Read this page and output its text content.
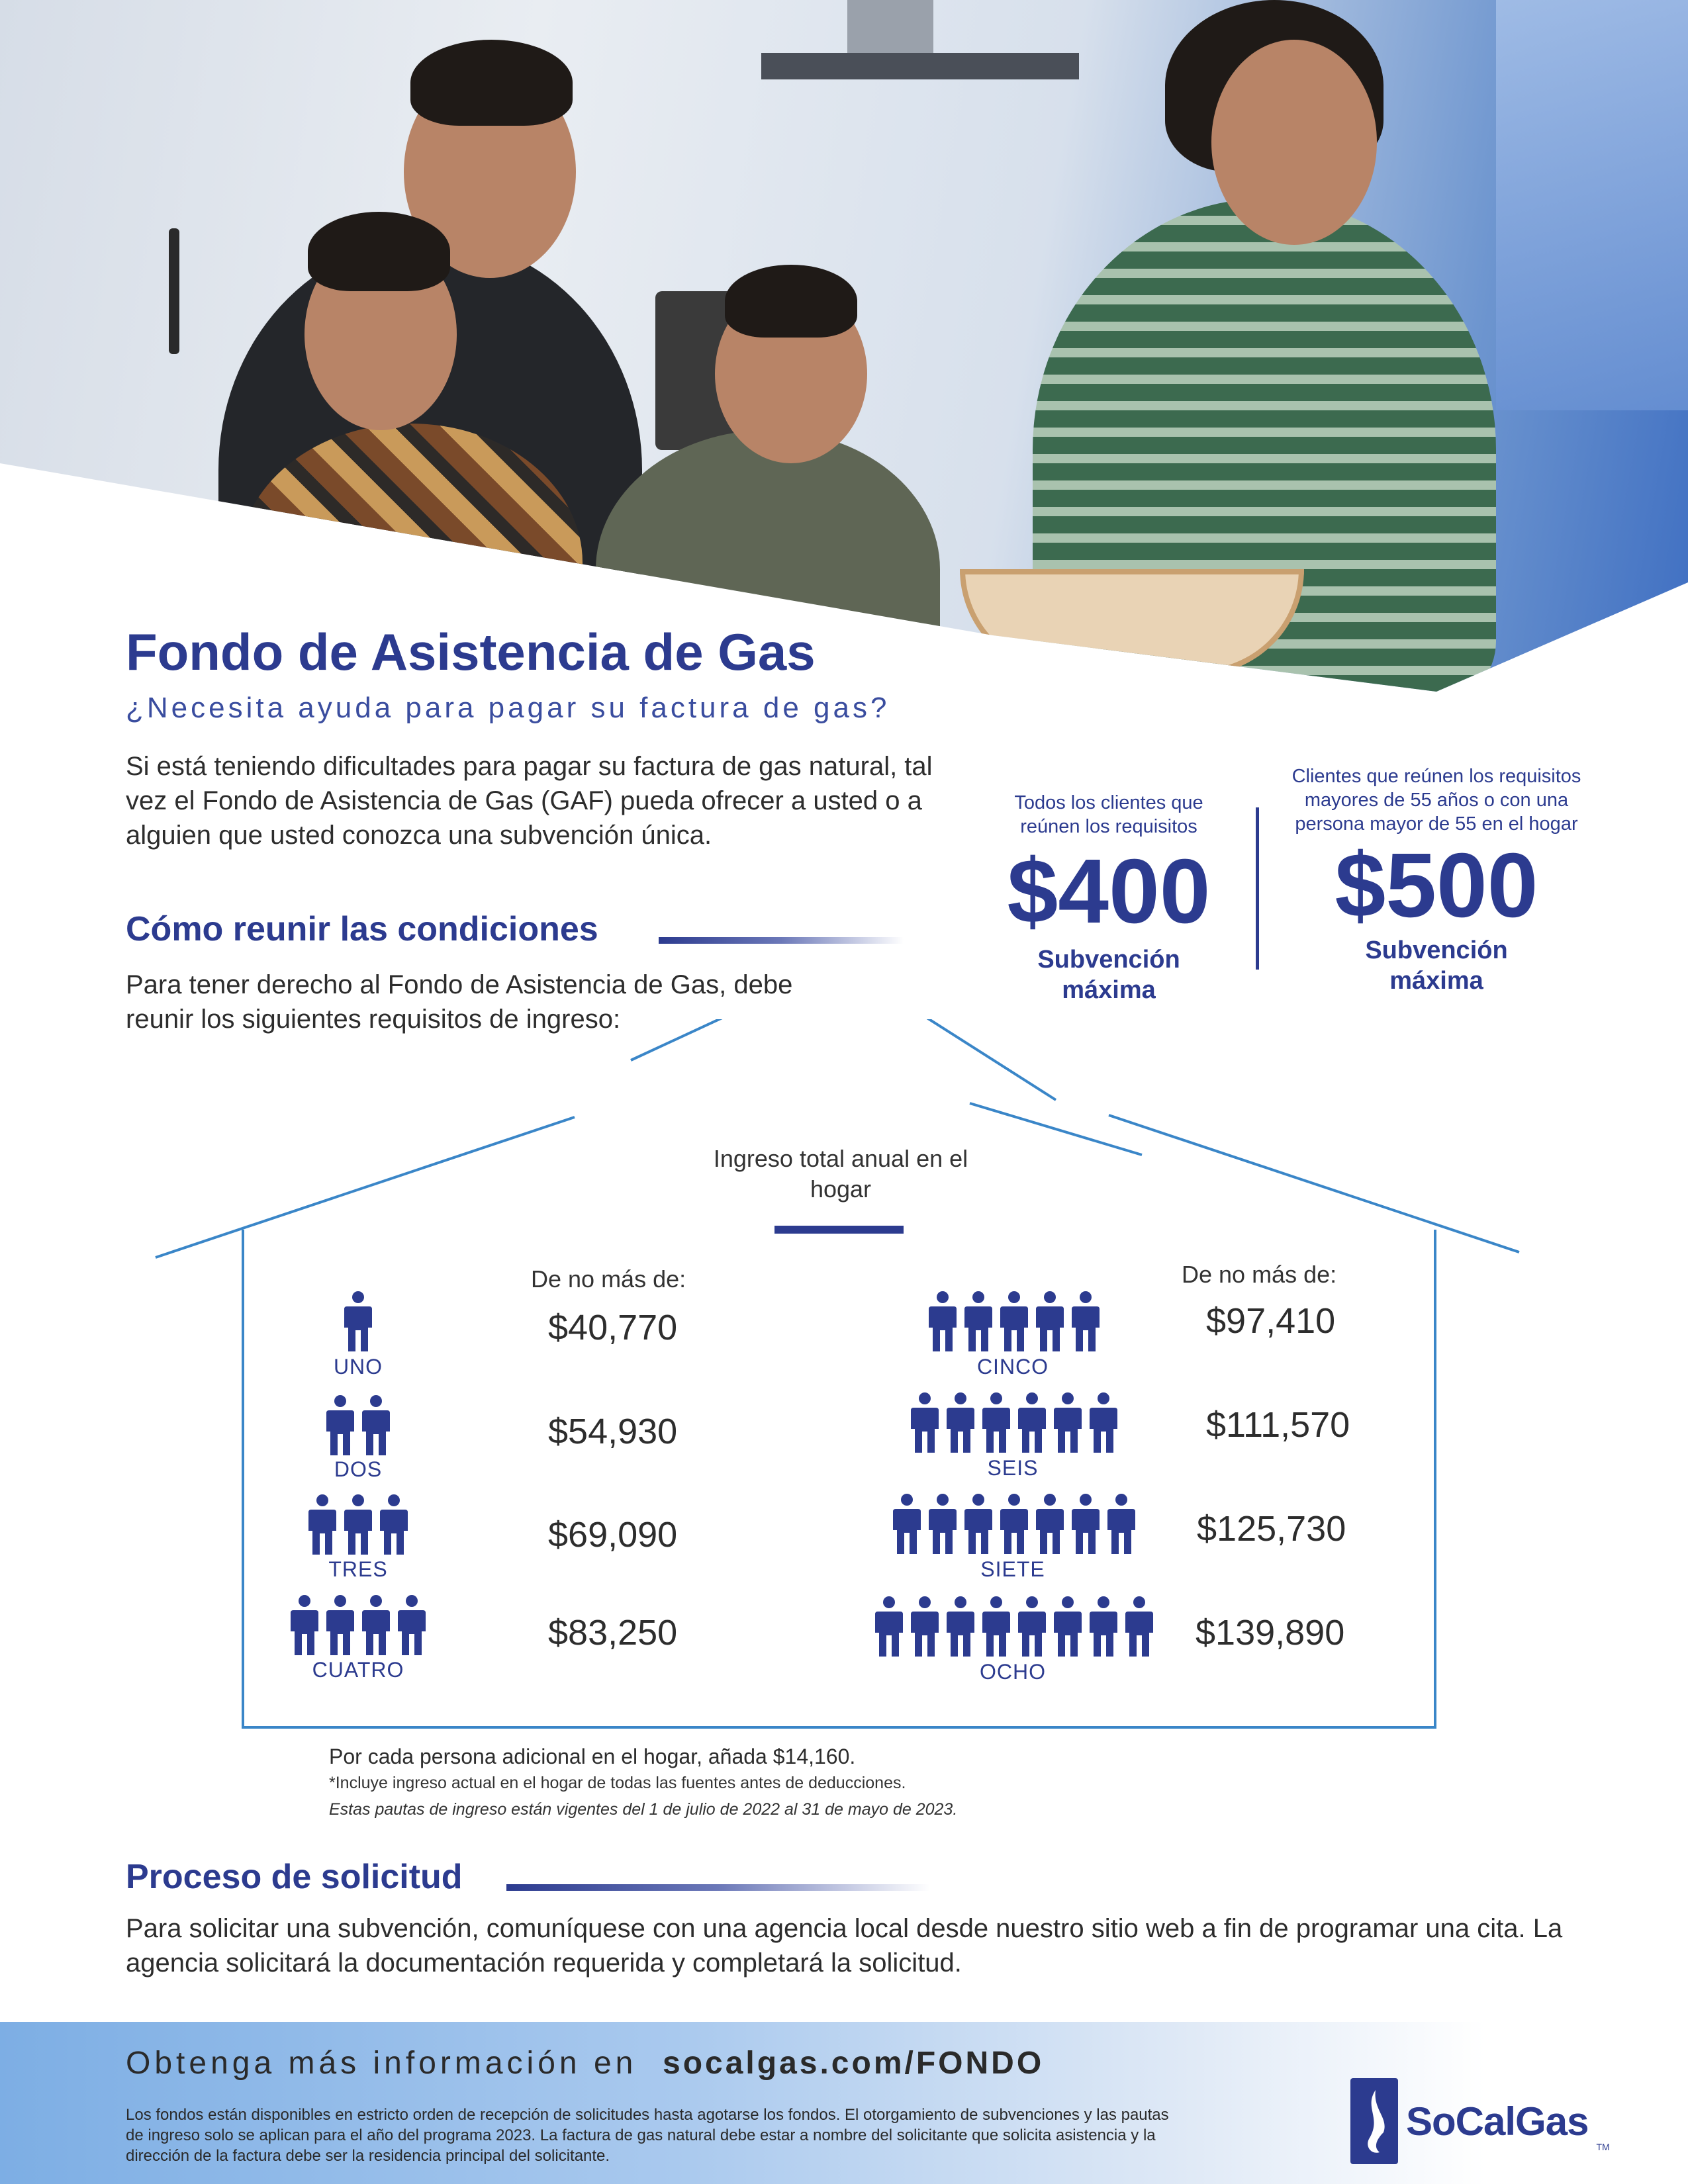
Fondo de Asistencia de Gas
¿Necesita ayuda para pagar su factura de gas?
Si está teniendo dificultades para pagar su factura de gas natural, tal vez el Fondo de Asistencia de Gas (GAF) pueda ofrecer a usted o a alguien que usted conozca una subvención única.
Todos los clientes que reúnen los requisitos
$400
Subvención máxima
Clientes que reúnen los requisitos mayores de 55 años o con una persona mayor de 55 en el hogar
$500
Subvención máxima
Cómo reunir las condiciones
Para tener derecho al Fondo de Asistencia de Gas, debe reunir los siguientes requisitos de ingreso:
Ingreso total anual en el hogar
De no más de:	De no más de:
UNO
$40,770
DOS
$54,930
TRES
$69,090
CUATRO
$83,250
CINCO
$97,410
SEIS
$111,570
SIETE
$125,730
OCHO
$139,890
Por cada persona adicional en el hogar, añada $14,160.
*Incluye ingreso actual en el hogar de todas las fuentes antes de deducciones.
Estas pautas de ingreso están vigentes del 1 de julio de 2022 al 31 de mayo de 2023.
Proceso de solicitud
Para solicitar una subvención, comuníquese con una agencia local desde nuestro sitio web a fin de programar una cita. La agencia solicitará la documentación requerida y completará la solicitud.
Obtenga más información en socalgas.com/FONDO
Los fondos están disponibles en estricto orden de recepción de solicitudes hasta agotarse los fondos. El otorgamiento de subvenciones y las pautas de ingreso solo se aplican para el año del programa 2023. La factura de gas natural debe estar a nombre del solicitante que solicita asistencia y la dirección de la factura debe ser la residencia principal del solicitante.
SoCalGas
TM
